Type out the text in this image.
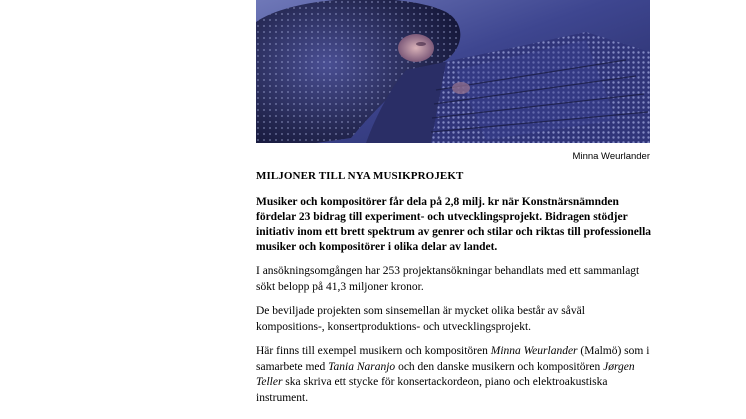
Minna Weurlander
MILJONER TILL NYA MUSIKPROJEKT
Musiker och kompositörer får dela på 2,8 milj. kr när Konstnärsnämnden fördelar 23 bidrag till experiment- och utvecklingsprojekt. Bidragen stödjer initiativ inom ett brett spektrum av genrer och stilar och riktas till professionella musiker och kompositörer i olika delar av landet.
I ansökningsomgången har 253 projektansökningar behandlats med ett sammanlagt sökt belopp på 41,3 miljoner kronor.
De beviljade projekten som sinsemellan är mycket olika består av såväl kompositions-, konsertproduktions- och utvecklingsprojekt.
Här finns till exempel musikern och kompositören Minna Weurlander (Malmö) som i samarbete med Tania Naranjo och den danske musikern och kompositören Jørgen Teller ska skriva ett stycke för konsertackordeon, piano och elektroakustiska instrument.
